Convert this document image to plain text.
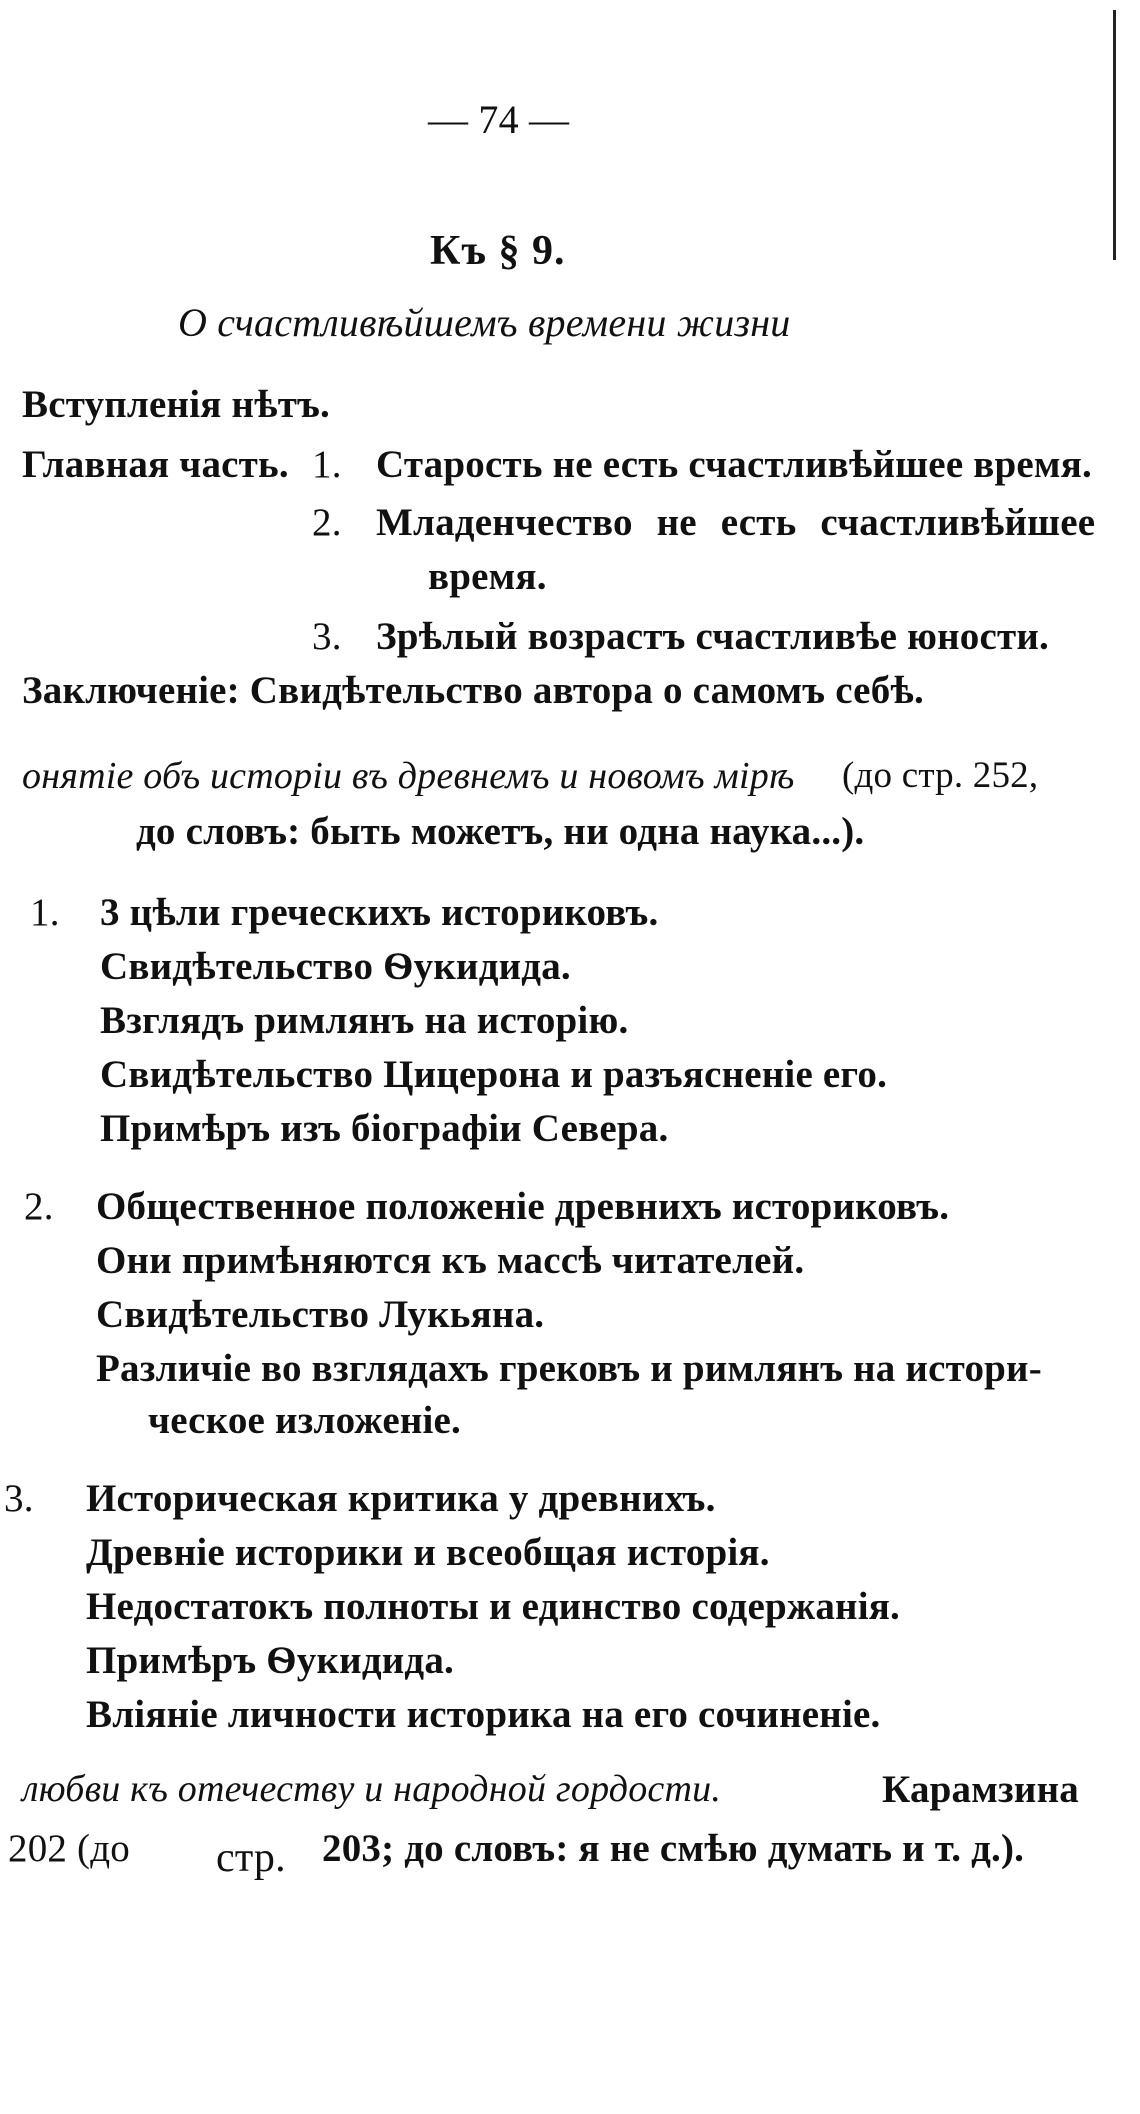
— 74 —
Къ § 9.
О счастливѣйшемъ времени жизни
Вступленія нѣтъ.
Главная часть. 1. Старость не есть счастливѣйшее время.
2. Младенчество не есть счастливѣйшее
время.
3. Зрѣлый возрастъ счастливѣе юности.
Заключеніе: Свидѣтельство автора о самомъ себѣ.
онятіе объ исторіи въ древнемъ и новомъ мірѣ (до стр. 252,
до словъ: быть можетъ, ни одна наука...).
1. 3 цѣли греческихъ историковъ.
Свидѣтельство Ѳукидида.
Взглядъ римлянъ на исторію.
Свидѣтельство Цицерона и разъясненіе его.
Примѣръ изъ біографіи Севера.
2. Общественное положеніе древнихъ историковъ.
Они примѣняются къ массѣ читателей.
Свидѣтельство Лукьяна.
Различіе во взглядахъ грековъ и римлянъ на истори-
ческое изложеніе.
3. Историческая критика у древнихъ.
Древніе историки и всеобщая исторія.
Недостатокъ полноты и единство содержанія.
Примѣръ Ѳукидида.
Вліяніе личности историка на его сочиненіе.
любви къ отечеству и народной гордости.	Карамзина
202 (до стр. 203; до словъ: я не смѣю думать и т. д.).
